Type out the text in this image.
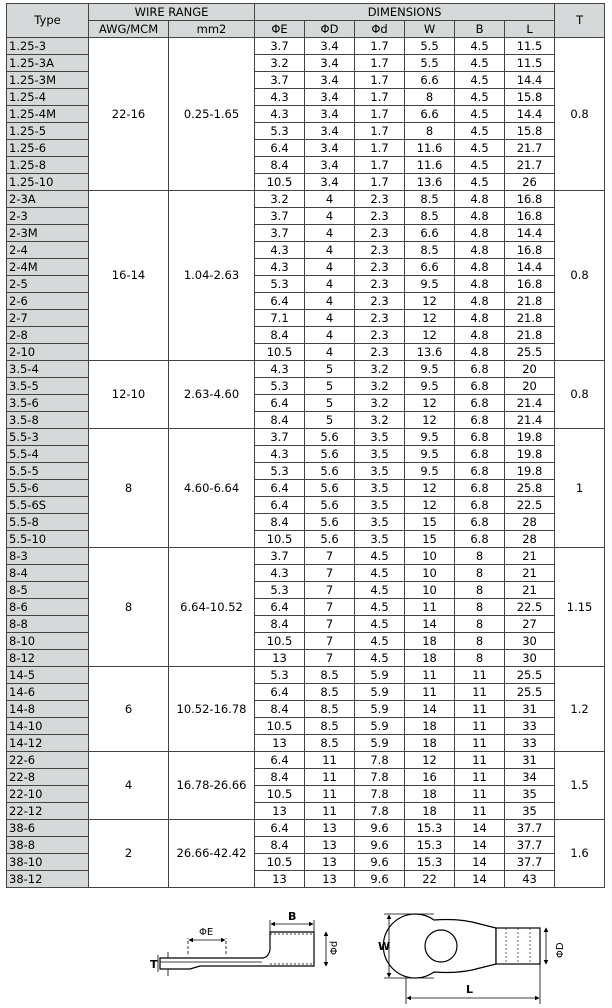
Type	WIRE RANGE		DIMENSIONS						T
	AWG/MCM	mm2	ΦE	ΦD	Φd	W	B	L	
1.25-3	22-16	0.25-1.65	3.7	3.4	1.7	5.5	4.5	11.5	0.8
1.25-3A			3.2	3.4	1.7	5.5	4.5	11.5	
1.25-3M			3.7	3.4	1.7	6.6	4.5	14.4	
1.25-4			4.3	3.4	1.7	8	4.5	15.8	
1.25-4M			4.3	3.4	1.7	6.6	4.5	14.4	
1.25-5			5.3	3.4	1.7	8	4.5	15.8	
1.25-6			6.4	3.4	1.7	11.6	4.5	21.7	
1.25-8			8.4	3.4	1.7	11.6	4.5	21.7	
1.25-10			10.5	3.4	1.7	13.6	4.5	26	
2-3A	16-14	1.04-2.63	3.2	4	2.3	8.5	4.8	16.8	0.8
2-3			3.7	4	2.3	8.5	4.8	16.8	
2-3M			3.7	4	2.3	6.6	4.8	14.4	
2-4			4.3	4	2.3	8.5	4.8	16.8	
2-4M			4.3	4	2.3	6.6	4.8	14.4	
2-5			5.3	4	2.3	9.5	4.8	16.8	
2-6			6.4	4	2.3	12	4.8	21.8	
2-7			7.1	4	2.3	12	4.8	21.8	
2-8			8.4	4	2.3	12	4.8	21.8	
2-10			10.5	4	2.3	13.6	4.8	25.5	
3.5-4	12-10	2.63-4.60	4.3	5	3.2	9.5	6.8	20	0.8
3.5-5			5.3	5	3.2	9.5	6.8	20	
3.5-6			6.4	5	3.2	12	6.8	21.4	
3.5-8			8.4	5	3.2	12	6.8	21.4	
5.5-3	8	4.60-6.64	3.7	5.6	3.5	9.5	6.8	19.8	1
5.5-4			4.3	5.6	3.5	9.5	6.8	19.8	
5.5-5			5.3	5.6	3.5	9.5	6.8	19.8	
5.5-6			6.4	5.6	3.5	12	6.8	25.8	
5.5-6S			6.4	5.6	3.5	12	6.8	22.5	
5.5-8			8.4	5.6	3.5	15	6.8	28	
5.5-10			10.5	5.6	3.5	15	6.8	28	
8-3	8	6.64-10.52	3.7	7	4.5	10	8	21	1.15
8-4			4.3	7	4.5	10	8	21	
8-5			5.3	7	4.5	10	8	21	
8-6			6.4	7	4.5	11	8	22.5	
8-8			8.4	7	4.5	14	8	27	
8-10			10.5	7	4.5	18	8	30	
8-12			13	7	4.5	18	8	30	
14-5	6	10.52-16.78	5.3	8.5	5.9	11	11	25.5	1.2
14-6			6.4	8.5	5.9	11	11	25.5	
14-8			8.4	8.5	5.9	14	11	31	
14-10			10.5	8.5	5.9	18	11	33	
14-12			13	8.5	5.9	18	11	33	
22-6	4	16.78-26.66	6.4	11	7.8	12	11	31	1.5
22-8			8.4	11	7.8	16	11	34	
22-10			10.5	11	7.8	18	11	35	
22-12			13	11	7.8	18	11	35	
38-6	2	26.66-42.42	6.4	13	9.6	15.3	14	37.7	1.6
38-8			8.4	13	9.6	15.3	14	37.7	
38-10			10.5	13	9.6	15.3	14	37.7	
38-12			13	13	9.6	22	14	43	
T
ΦE
B
Φd	W
L
ΦD
